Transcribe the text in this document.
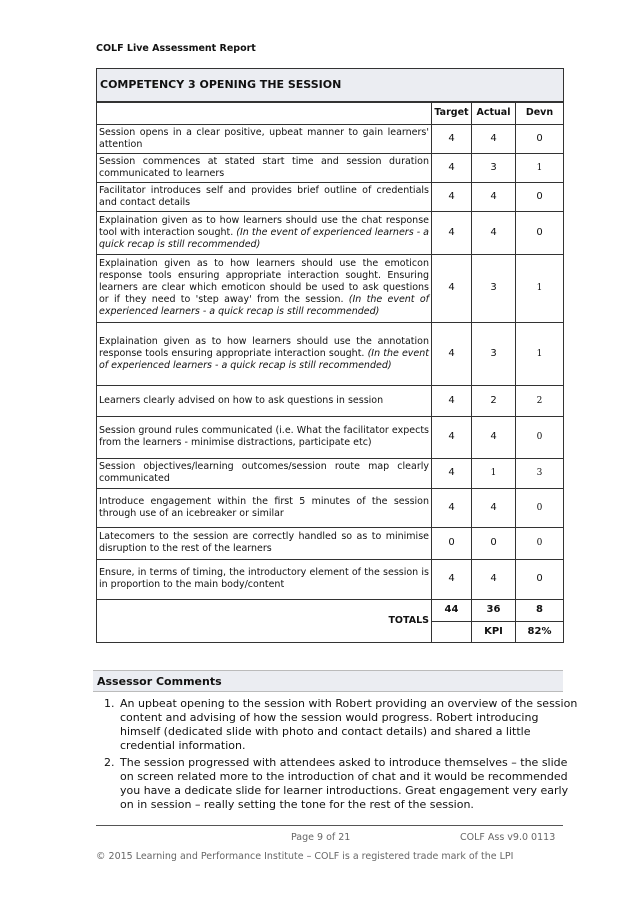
COLF Live Assessment Report
COMPETENCY 3 OPENING THE SESSION			
	Target	Actual	Devn
Session opens in a clear positive, upbeat manner to gain learners' attention	4	4	0
Session commences at stated start time and session duration communicated to learners	4	3	1
Facilitator introduces self and provides brief outline of credentials and contact details	4	4	0
Explaination given as to how learners should use the chat response tool with interaction sought. (In the event of experienced learners - a quick recap is still recommended)	4	4	0
Explaination given as to how learners should use the emoticon response tools ensuring appropriate interaction sought. Ensuring learners are clear which emoticon should be used to ask questions or if they need to 'step away' from the session. (In the event of experienced learners - a quick recap is still recommended)	4	3	1
Explaination given as to how learners should use the annotation response tools ensuring appropriate interaction sought. (In the event of experienced learners - a quick recap is still recommended)	4	3	1
Learners clearly advised on how to ask questions in session	4	2	2
Session ground rules communicated (i.e. What the facilitator expects from the learners - minimise distractions, participate etc)	4	4	0
Session objectives/learning outcomes/session route map clearly communicated	4	1	3
Introduce engagement within the first 5 minutes of the session through use of an icebreaker or similar	4	4	0
Latecomers to the session are correctly handled so as to minimise disruption to the rest of the learners	0	0	0
Ensure, in terms of timing, the introductory element of the session is in proportion to the main body/content	4	4	0
TOTALS	44	36	8
		KPI	82%
Assessor Comments
1. An upbeat opening to the session with Robert providing an overview of the session content and advising of how the session would progress. Robert introducing himself (dedicated slide with photo and contact details) and shared a little credential information.
2. The session progressed with attendees asked to introduce themselves – the slide on screen related more to the introduction of chat and it would be recommended you have a dedicate slide for learner introductions. Great engagement very early on in session – really setting the tone for the rest of the session.
Page 9 of 21	COLF Ass v9.0 0113
© 2015 Learning and Performance Institute – COLF is a registered trade mark of the LPI
